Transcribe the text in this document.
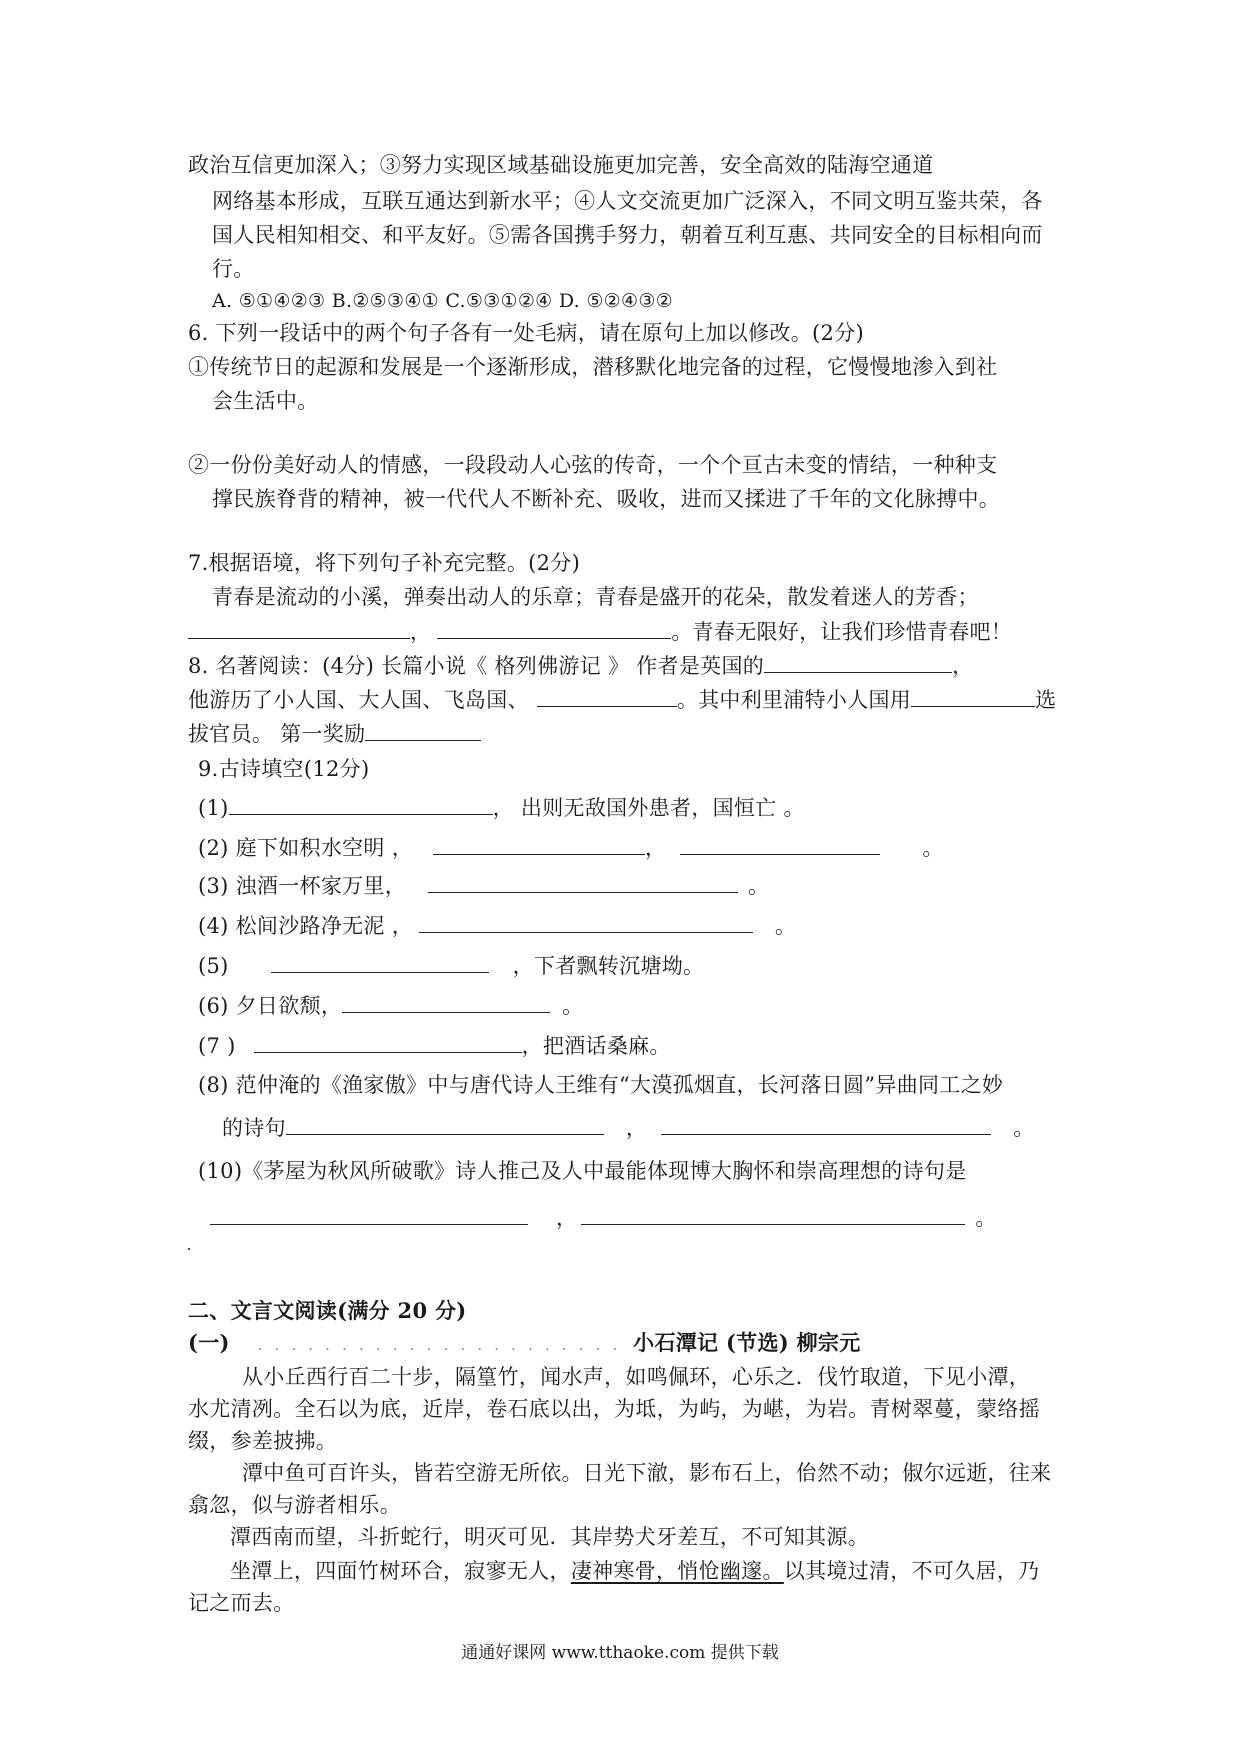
政治互信更加深入；③努力实现区域基础设施更加完善，安全高效的陆海空通道
网络基本形成，互联互通达到新水平；④人文交流更加广泛深入，不同文明互鉴共荣，各
国人民相知相交、和平友好。⑤需各国携手努力，朝着互利互惠、共同安全的目标相向而
行。
A. ⑤①④②③ B.②⑤③④① C.⑤③①②④ D. ⑤②④③②
6. 下列一段话中的两个句子各有一处毛病，请在原句上加以修改。(2分)
①传统节日的起源和发展是一个逐渐形成，潜移默化地完备的过程，它慢慢地渗入到社
会生活中。
②一份份美好动人的情感，一段段动人心弦的传奇，一个个亘古未变的情结，一种种支
撑民族脊背的精神，被一代代人不断补充、吸收，进而又揉进了千年的文化脉搏中。
7.根据语境，将下列句子补充完整。(2分)
青春是流动的小溪，弹奏出动人的乐章；青春是盛开的花朵，散发着迷人的芳香；
，	。青春无限好，让我们珍惜青春吧！
8. 名著阅读：(4分) 长篇小说《 格列佛游记 》 作者是英国的	，
他游历了小人国、大人国、飞岛国、	。其中利里浦特小人国用	选
拔官员。 第一奖励
9.古诗填空(12分)
(1)	， 出则无敌国外患者，国恒亡 。
(2) 庭下如积水空明 ，	，	。
(3) 浊酒一杯家万里，	。
(4) 松间沙路净无泥 ，	。
(5)	，下者飘转沉塘坳。
(6) 夕日欲颓，	。
(7 )	，把酒话桑麻。
(8) 范仲淹的《渔家傲》中与唐代诗人王维有“大漠孤烟直，长河落日圆”异曲同工之妙
的诗句	，	。
(10)《茅屋为秋风所破歌》诗人推己及人中最能体现博大胸怀和崇高理想的诗句是
，	。
二、文言文阅读(满分 20 分)
(一) . . . . . . . . . . . . . . . . . . . . . . 小石潭记 (节选) 柳宗元
从小丘西行百二十步，隔篁竹，闻水声，如鸣佩环，心乐之．伐竹取道，下见小潭，
水尤清冽。全石以为底，近岸，卷石底以出，为坻，为屿，为嵁，为岩。青树翠蔓，蒙络摇
缀，参差披拂。
潭中鱼可百许头，皆若空游无所依。日光下澈，影布石上，佁然不动；俶尔远逝，往来
翕忽，似与游者相乐。
潭西南而望，斗折蛇行，明灭可见．其岸势犬牙差互，不可知其源。
坐潭上，四面竹树环合，寂寥无人，凄神寒骨，悄怆幽邃。以其境过清，不可久居，乃
记之而去。
通通好课网 www.tthaoke.com 提供下载
